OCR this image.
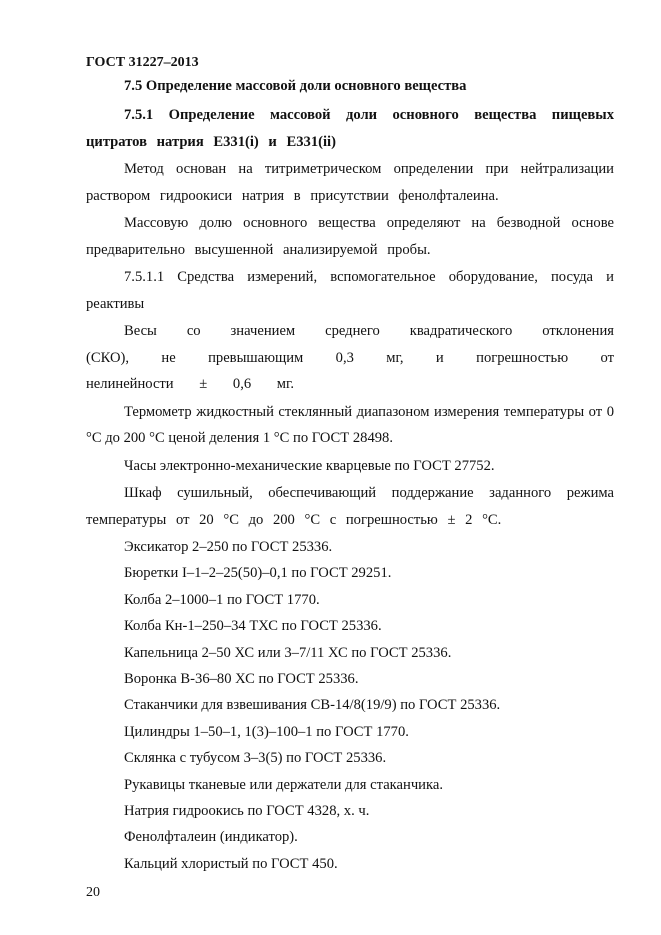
ГОСТ 31227–2013

7.5 Определение массовой доли основного вещества

7.5.1 Определение массовой доли основного вещества пищевых цитратов натрия Е331(i) и Е331(ii)

Метод основан на титриметрическом определении при нейтрализации раствором гидроокиси натрия в присутствии фенолфталеина.

Массовую долю основного вещества определяют на безводной основе предварительно высушенной анализируемой пробы.

7.5.1.1 Средства измерений, вспомогательное оборудование, посуда и реактивы

Весы со значением среднего квадратического отклонения (СКО), не превышающим 0,3 мг, и погрешностью от нелинейности ± 0,6 мг.

Термометр жидкостный стеклянный диапазоном измерения температуры от 0 °С до 200 °С ценой деления 1 °С по ГОСТ 28498.

Часы электронно-механические кварцевые по ГОСТ 27752.

Шкаф сушильный, обеспечивающий поддержание заданного режима температуры от 20 °С до 200 °С с погрешностью ± 2 °С.

Эксикатор 2–250 по ГОСТ 25336.

Бюретки I–1–2–25(50)–0,1 по ГОСТ 29251.

Колба 2–1000–1 по ГОСТ 1770.

Колба Кн-1–250–34 ТХС по ГОСТ 25336.

Капельница 2–50 ХС или 3–7/11 ХС по ГОСТ 25336.

Воронка В-36–80 ХС по ГОСТ 25336.

Стаканчики для взвешивания СВ-14/8(19/9) по ГОСТ 25336.

Цилиндры 1–50–1, 1(3)–100–1 по ГОСТ 1770.

Склянка с тубусом 3–3(5) по ГОСТ 25336.

Рукавицы тканевые или держатели для стаканчика.

Натрия гидроокись по ГОСТ 4328, х. ч.

Фенолфталеин (индикатор).

Кальций хлористый по ГОСТ 450.

20
